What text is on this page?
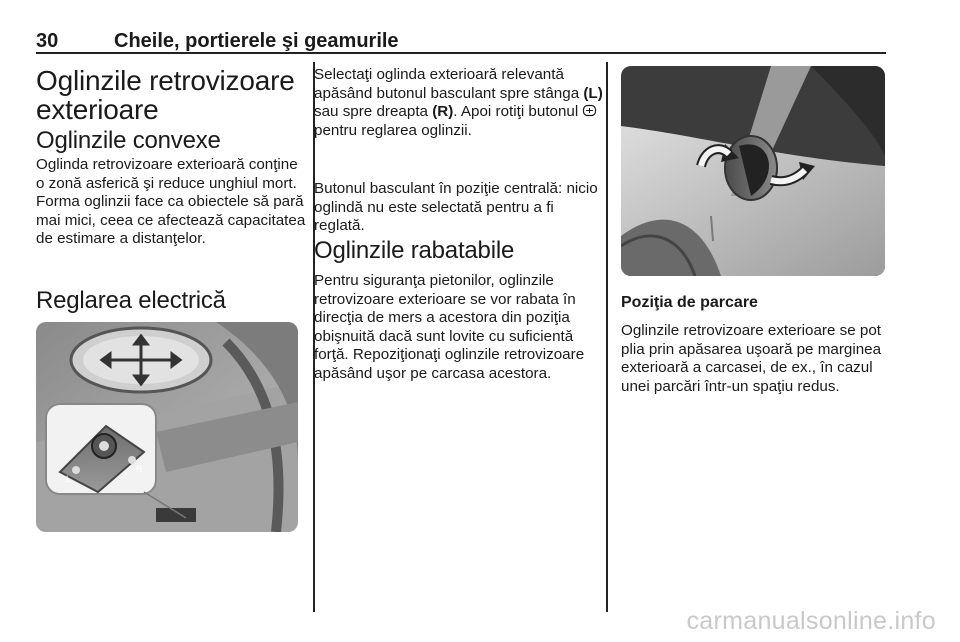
30	Cheile, portierele şi geamurile
Oglinzile retrovizoare exterioare
Oglinzile convexe
Oglinda retrovizoare exterioară conţine o zonă asferică şi reduce unghiul mort. Forma oglinzii face ca obiectele să pară mai mici, ceea ce afectează capacitatea de estimare a distanţelor.
Reglarea electrică
L
R
Selectaţi oglinda exterioară relevantă apăsând butonul basculant spre stânga (L) sau spre dreapta (R). Apoi rotiţi butonul
pentru reglarea oglinzii.
Butonul basculant în poziţie centrală: nicio oglindă nu este selectată pentru a fi reglată.
Oglinzile rabatabile
Pentru siguranţa pietonilor, oglinzile retrovizoare exterioare se vor rabata în direcţia de mers a acestora din poziţia obişnuită dacă sunt lovite cu suficientă forţă. Repoziţionaţi oglinzile retrovizoare apăsând uşor pe carcasa acestora.
Poziţia de parcare
Oglinzile retrovizoare exterioare se pot plia prin apăsarea uşoară pe marginea exterioară a carcasei, de ex., în cazul unei parcări într-un spaţiu redus.
carmanualsonline.info
